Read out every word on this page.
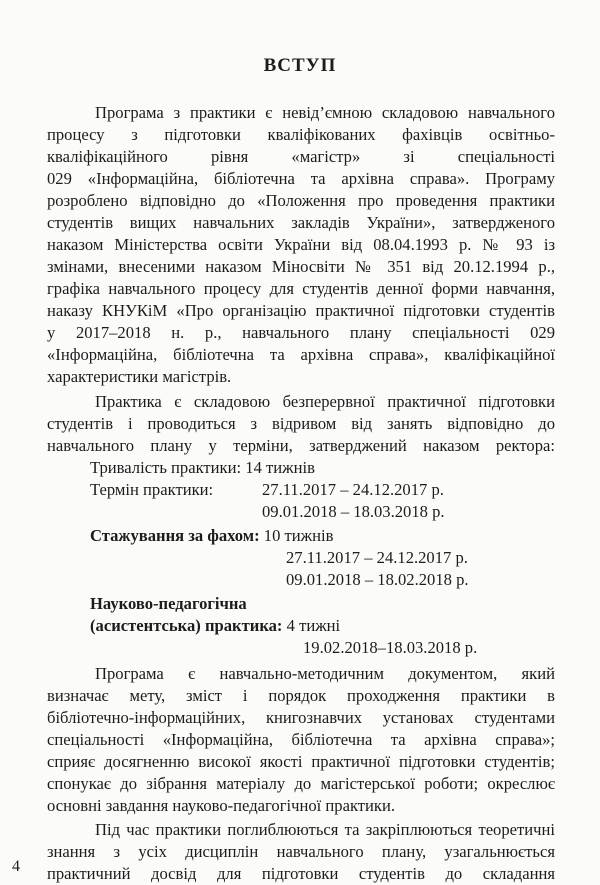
ВСТУП
Програма з практики є невід’ємною складовою навчального
процесу з підготовки кваліфікованих фахівців освітньо-
кваліфікаційного рівня «магістр» зі спеціальності
029 «Інформаційна, бібліотечна та архівна справа». Програму
розроблено відповідно до «Положення про проведення практики
студентів вищих навчальних закладів України», затвердженого
наказом Міністерства освіти України від 08.04.1993 р. № 93 із
змінами, внесеними наказом Міносвіти № 351 від 20.12.1994 р.,
графіка навчального процесу для студентів денної форми навчання,
наказу КНУКіМ «Про організацію практичної підготовки студентів
у 2017–2018 н. р., навчального плану спеціальності 029
«Інформаційна, бібліотечна та архівна справа», кваліфікаційної
характеристики магістрів.
Практика є складовою безперервної практичної підготовки
студентів і проводиться з відривом від занять відповідно до
навчального плану у терміни, затверджений наказом ректора:
Тривалість практики: 14 тижнів
Термін практики:	27.11.2017 – 24.12.2017 р.
09.01.2018 – 18.03.2018 р.
Стажування за фахом: 10 тижнів
27.11.2017 – 24.12.2017 р.
09.01.2018 – 18.02.2018 р.
Науково-педагогічна
(асистентська) практика: 4 тижні
19.02.2018–18.03.2018 р.
Програма є навчально-методичним документом, який
визначає мету, зміст і порядок проходження практики в
бібліотечно-інформаційних, книгознавчих установах студентами
спеціальності «Інформаційна, бібліотечна та архівна справа»;
сприяє досягненню високої якості практичної підготовки студентів;
спонукає до зібрання матеріалу до магістерської роботи; окреслює
основні завдання науково-педагогічної практики.
Під час практики поглиблюються та закріплюються теоретичні
знання з усіх дисциплін навчального плану, узагальнюється
практичний досвід для підготовки студентів до складання
4
